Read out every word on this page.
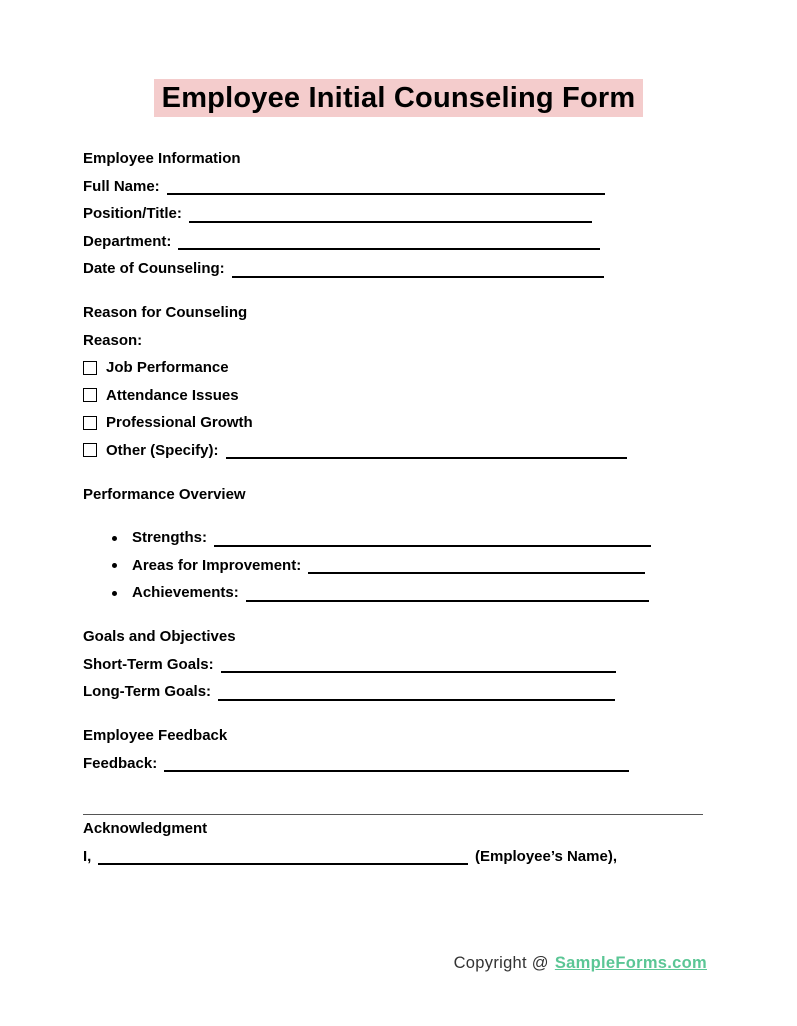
Employee Initial Counseling Form

Employee Information

Full Name:
Position/Title:
Department:
Date of Counseling:

Reason for Counseling

Reason:

Job Performance
Attendance Issues
Professional Growth
Other (Specify):

Performance Overview

Strengths:
Areas for Improvement:
Achievements:

Goals and Objectives

Short-Term Goals:
Long-Term Goals:

Employee Feedback

Feedback:

Acknowledgment

I,	(Employee’s Name),
Copyright @ SampleForms.com
